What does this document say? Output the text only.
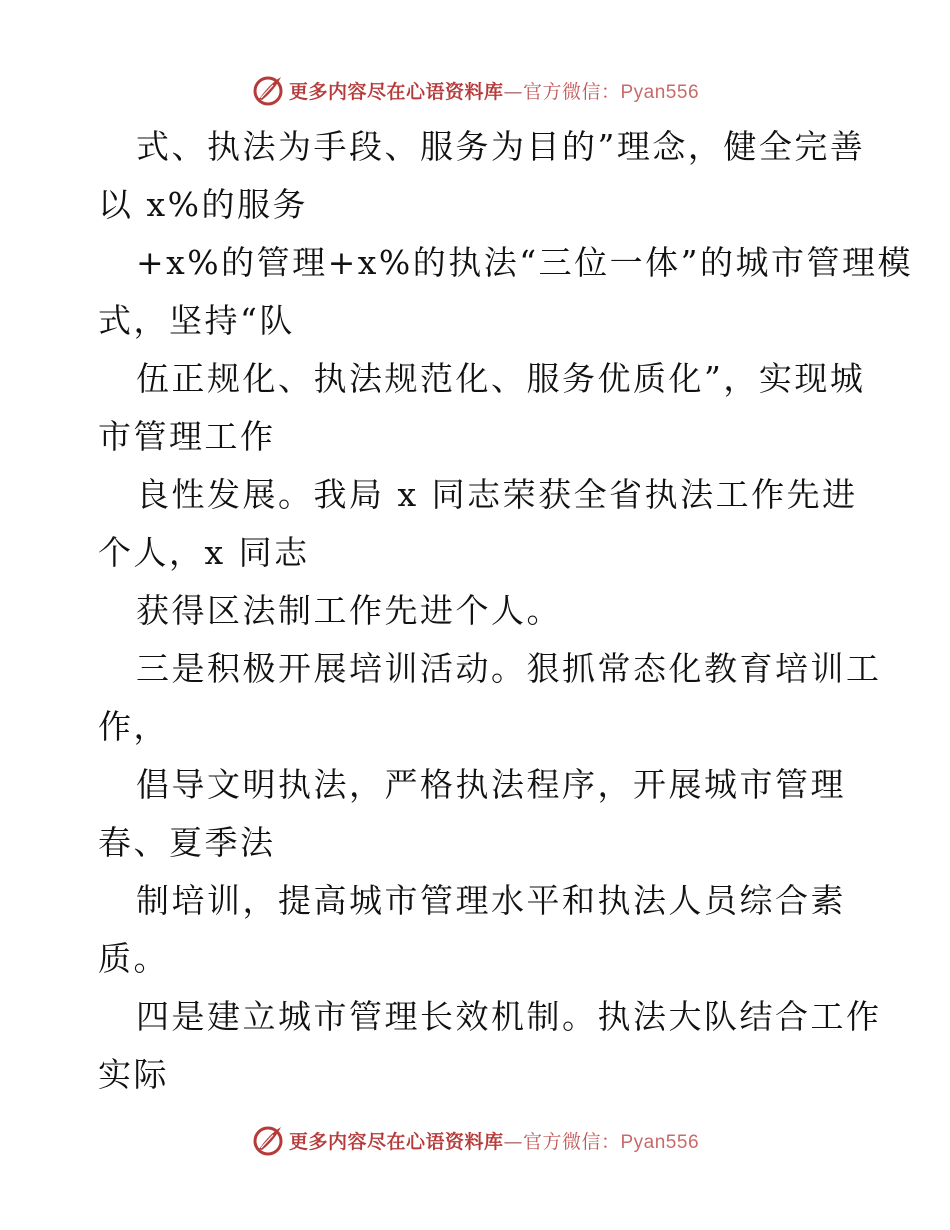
更多内容尽在心语资料库—官方微信：Pyan556
式、执法为手段、服务为目的”理念，健全完善
以 x%的服务
+x%的管理+x%的执法“三位一体”的城市管理模
式，坚持“队
伍正规化、执法规范化、服务优质化”，实现城
市管理工作
良性发展。我局 x 同志荣获全省执法工作先进
个人，x 同志
获得区法制工作先进个人。
三是积极开展培训活动。狠抓常态化教育培训工
作，
倡导文明执法，严格执法程序，开展城市管理
春、夏季法
制培训，提高城市管理水平和执法人员综合素
质。
四是建立城市管理长效机制。执法大队结合工作
实际
更多内容尽在心语资料库—官方微信：Pyan556
